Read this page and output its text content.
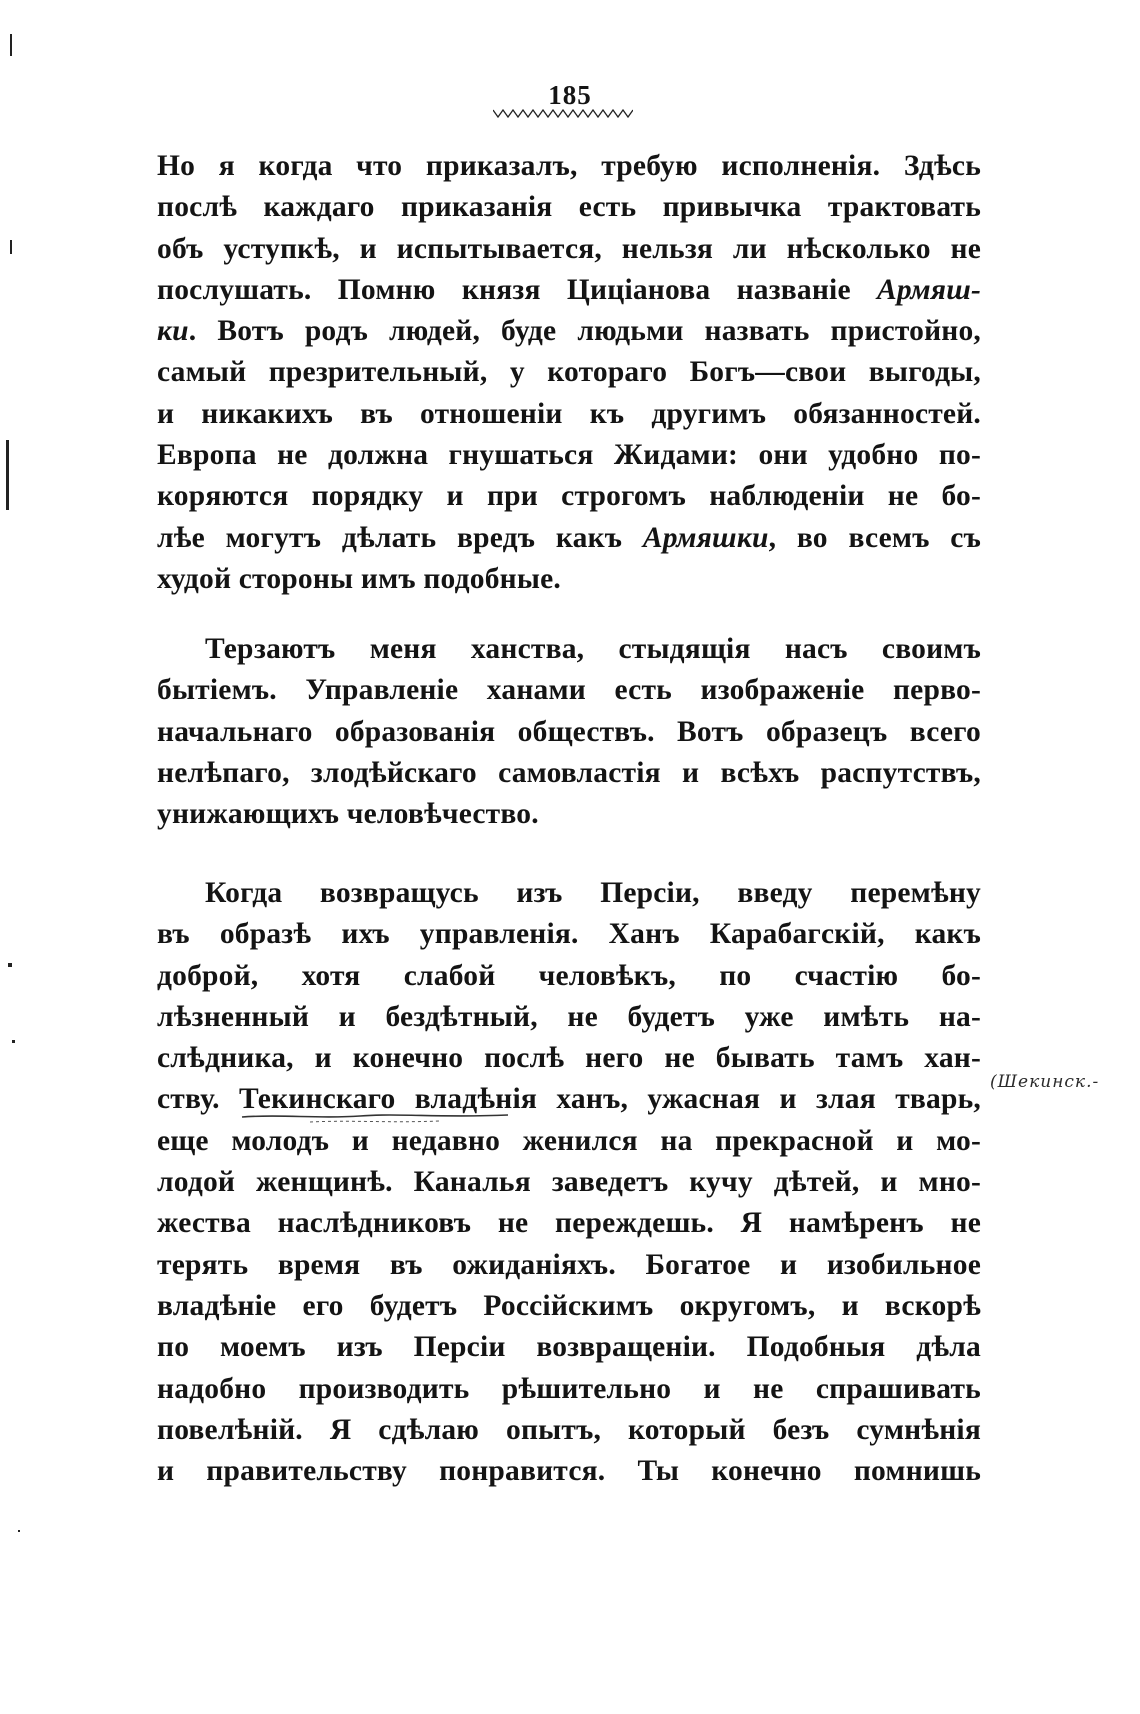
185
Но я когда что приказалъ, требую исполненія. Здѣсь
послѣ каждаго приказанія есть привычка трактовать
объ уступкѣ, и испытывается, нельзя ли нѣсколько не
послушать. Помню князя Циціанова названіе Армяш-
ки. Вотъ родъ людей, буде людьми назвать пристойно,
самый презрительный, у котораго Богъ—свои выгоды,
и никакихъ въ отношеніи къ другимъ обязанностей.
Европа не должна гнушаться Жидами: они удобно по-
коряются порядку и при строгомъ наблюденіи не бо-
лѣе могутъ дѣлать вредъ какъ Армяшки, во всемъ съ
худой стороны имъ подобные.
Терзаютъ меня ханства, стыдящія насъ своимъ
бытіемъ. Управленіе ханами есть изображеніе перво-
начальнаго образованія обществъ. Вотъ образецъ всего
нелѣпаго, злодѣйскаго самовластія и всѣхъ распутствъ,
унижающихъ человѣчество.
Когда возвращусь изъ Персіи, введу перемѣну
въ образѣ ихъ управленія. Ханъ Карабагскій, какъ
доброй, хотя слабой человѣкъ, по счастію бо-
лѣзненный и бездѣтный, не будетъ уже имѣть на-
слѣдника, и конечно послѣ него не бывать тамъ хан-
ству. Текинскаго владѣнія ханъ, ужасная и злая тварь,
еще молодъ и недавно женился на прекрасной и мо-
лодой женщинѣ. Каналья заведетъ кучу дѣтей, и мно-
жества наслѣдниковъ не переждешь. Я намѣренъ не
терять время въ ожиданіяхъ. Богатое и изобильное
владѣніе его будетъ Россійскимъ округомъ, и вскорѣ
по моемъ изъ Персіи возвращеніи. Подобныя дѣла
надобно производить рѣшительно и не спрашивать
повелѣній. Я сдѣлаю опытъ, который безъ сумнѣнія
и правительству понравится. Ты конечно помнишь
(Шекинск.-
